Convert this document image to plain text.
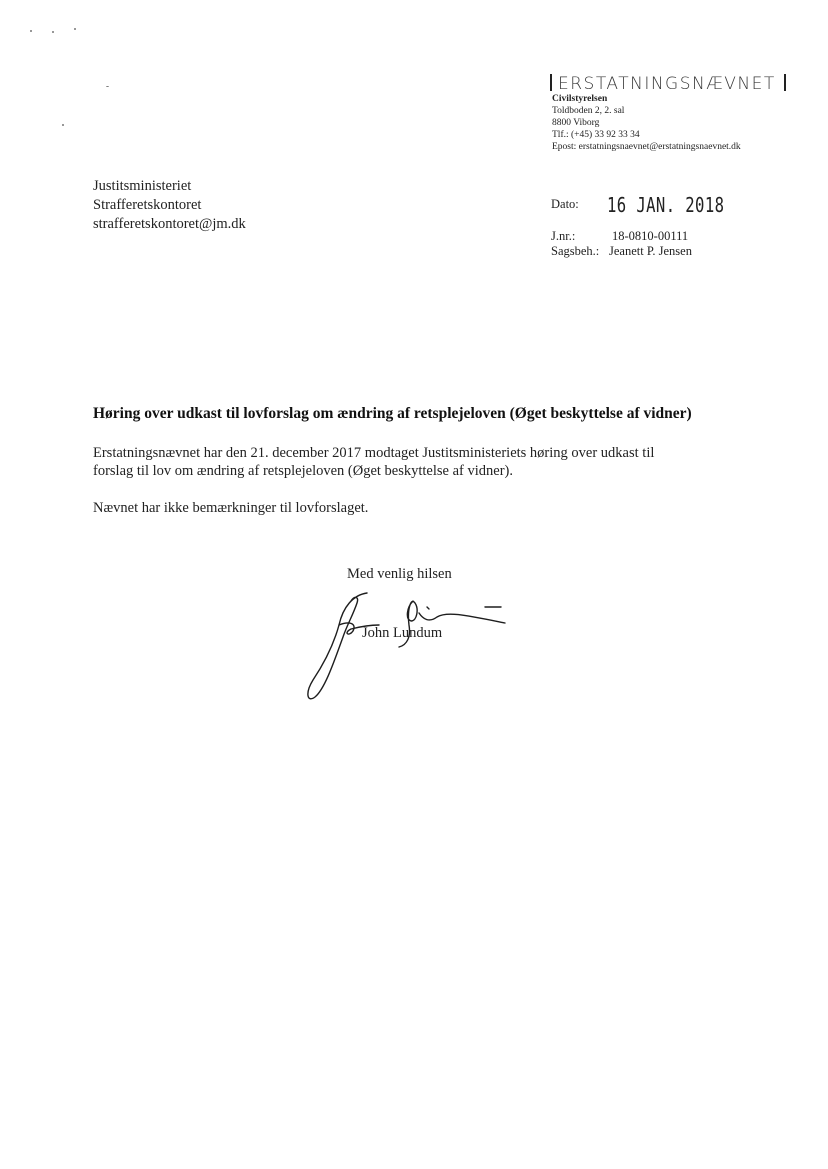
ERSTATNINGSNÆVNET
Civilstyrelsen
Toldboden 2, 2. sal
8800 Viborg
Tlf.: (+45) 33 92 33 34
Epost: erstatningsnaevnet@erstatningsnaevnet.dk
Justitsministeriet
Strafferetskontoret
strafferetskontoret@jm.dk
Dato: 16 JAN. 2018
J.nr.:	18-0810-00111
Sagsbeh.: Jeanett P. Jensen
Høring over udkast til lovforslag om ændring af retsplejeloven (Øget beskyttelse af vidner)
Erstatningsnævnet har den 21. december 2017 modtaget Justitsministeriets høring over udkast til
forslag til lov om ændring af retsplejeloven (Øget beskyttelse af vidner).
Nævnet har ikke bemærkninger til lovforslaget.
Med venlig hilsen
John Lundum
